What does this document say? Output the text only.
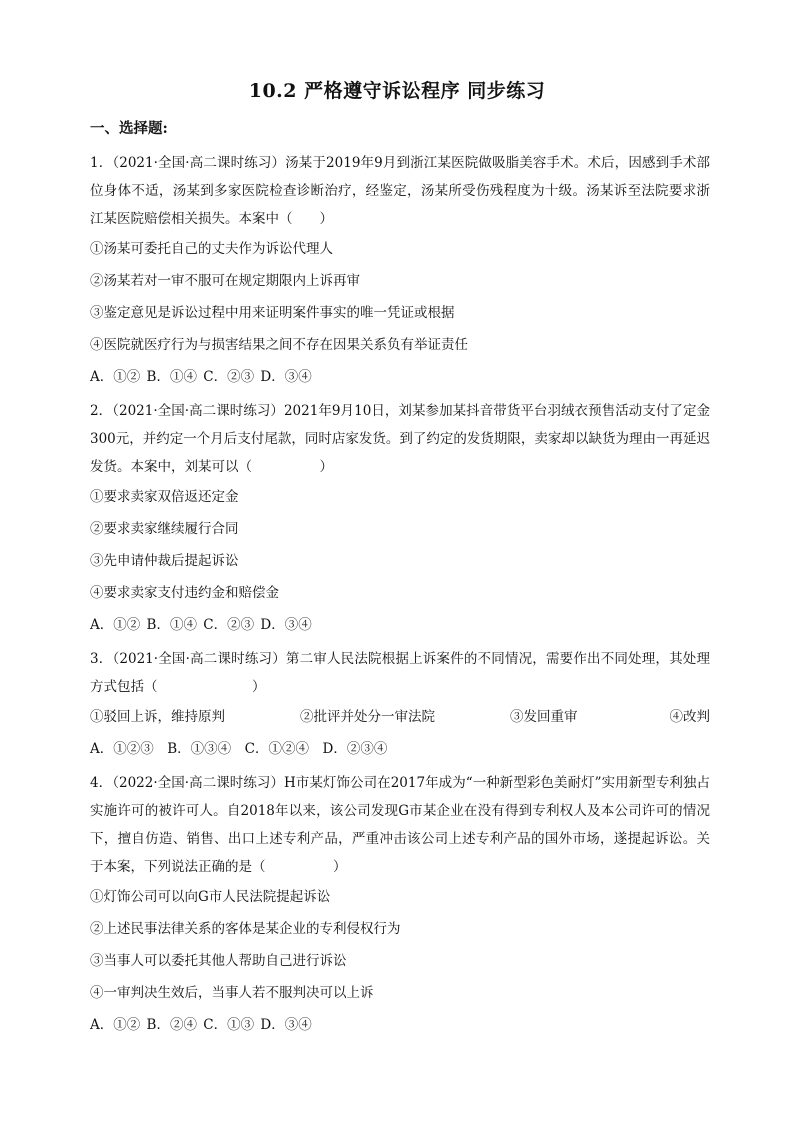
10.2 严格遵守诉讼程序 同步练习
一、选择题:

1．（2021·全国·高二课时练习）汤某于2019年9月到浙江某医院做吸脂美容手术。术后，因感到手术部位身体不适，汤某到多家医院检查诊断治疗，经鉴定，汤某所受伤残程度为十级。汤某诉至法院要求浙江某医院赔偿相关损失。本案中（　　）

①汤某可委托自己的丈夫作为诉讼代理人
②汤某若对一审不服可在规定期限内上诉再审
③鉴定意见是诉讼过程中用来证明案件事实的唯一凭证或根据
④医院就医疗行为与损害结果之间不存在因果关系负有举证责任
A．①② B．①④ C．②③ D．③④

2．（2021·全国·高二课时练习）2021年9月10日，刘某参加某抖音带货平台羽绒衣预售活动支付了定金300元，并约定一个月后支付尾款，同时店家发货。到了约定的发货期限，卖家却以缺货为理由一再延迟发货。本案中，刘某可以（　　　　　）

①要求卖家双倍返还定金
②要求卖家继续履行合同
③先申请仲裁后提起诉讼
④要求卖家支付违约金和赔偿金
A．①② B．①④ C．②③ D．③④

3．（2021·全国·高二课时练习）第二审人民法院根据上诉案件的不同情况，需要作出不同处理，其处理方式包括（　　　　　　　）

①驳回上诉，维持原判	②批评并处分一审法院	③发回重审	④改判
A．①②③　B．①③④　C．①②④　D．②③④

4．（2022·全国·高二课时练习）H市某灯饰公司在2017年成为“一种新型彩色美耐灯”实用新型专利独占实施许可的被许可人。自2018年以来，该公司发现G市某企业在没有得到专利权人及本公司许可的情况下，擅自仿造、销售、出口上述专利产品，严重冲击该公司上述专利产品的国外市场，遂提起诉讼。关于本案，下列说法正确的是（　　　　　）

①灯饰公司可以向G市人民法院提起诉讼
②上述民事法律关系的客体是某企业的专利侵权行为
③当事人可以委托其他人帮助自己进行诉讼
④一审判决生效后，当事人若不服判决可以上诉
A．①② B．②④ C．①③ D．③④
